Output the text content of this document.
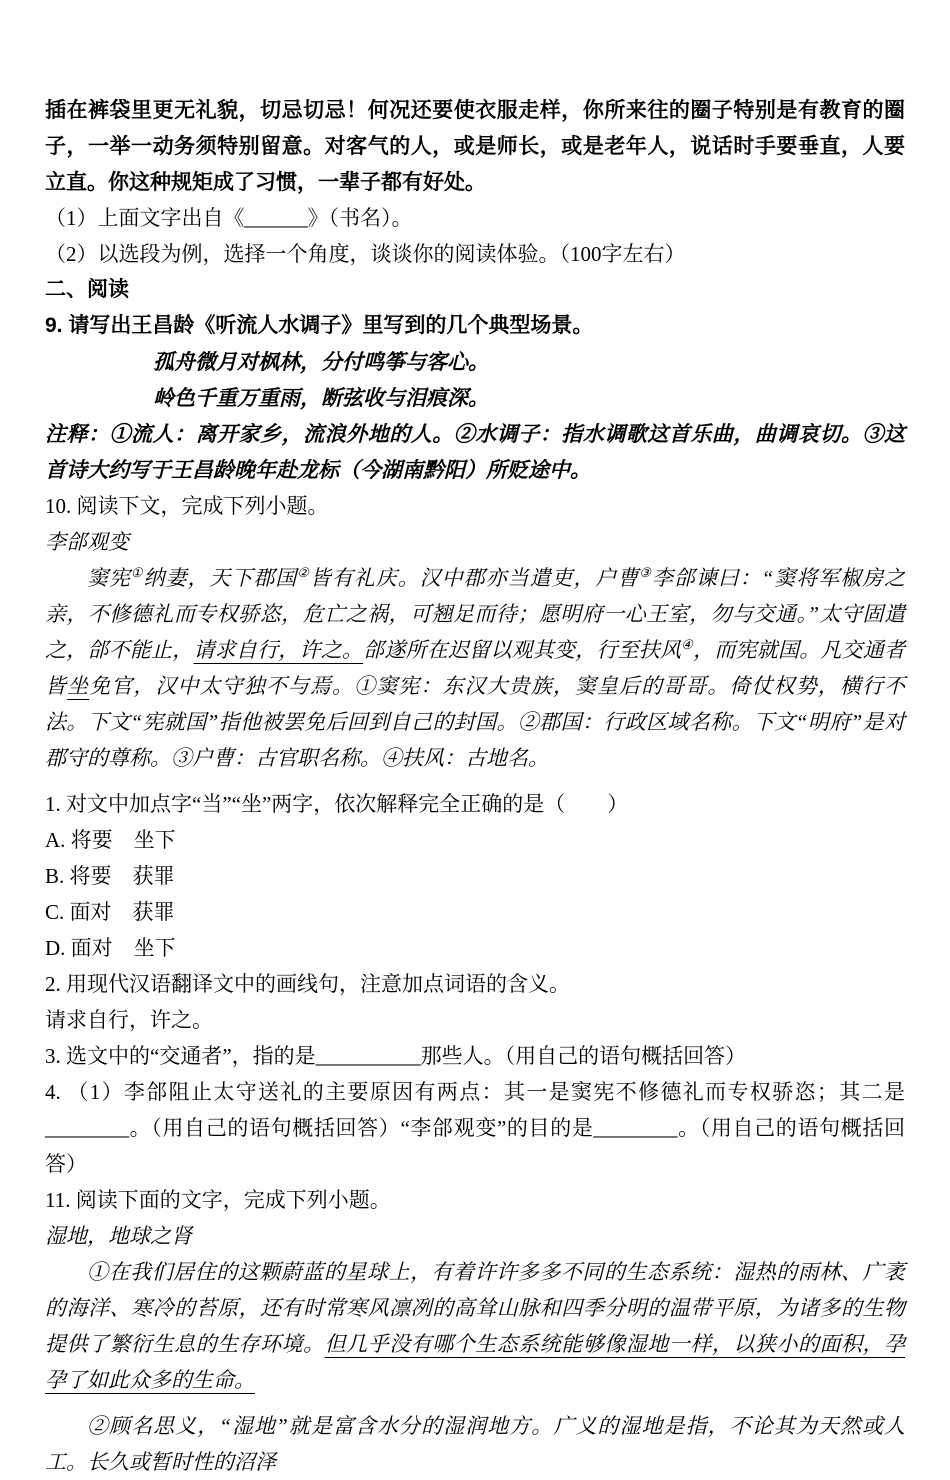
插在裤袋里更无礼貌，切忌切忌！何况还要使衣服走样，你所来往的圈子特别是有教育的圈子，一举一动务须特别留意。对客气的人，或是师长，或是老年人，说话时手要垂直，人要立直。你这种规矩成了习惯，一辈子都有好处。

（1）上面文字出自《______》（书名）。

（2）以选段为例，选择一个角度，谈谈你的阅读体验。（100字左右）

二、阅读

9. 请写出王昌龄《听流人水调子》里写到的几个典型场景。

孤舟微月对枫林，分付鸣筝与客心。

岭色千重万重雨，断弦收与泪痕深。

注释：①流人：离开家乡，流浪外地的人。②水调子：指水调歌这首乐曲，曲调哀切。③这首诗大约写于王昌龄晚年赴龙标（今湖南黔阳）所贬途中。

10. 阅读下文，完成下列小题。

李郃观变

窦宪①纳妻，天下郡国②皆有礼庆。汉中郡亦当遣吏，户曹③李郃谏曰：“窦将军椒房之亲，不修德礼而专权骄恣，危亡之祸，可翘足而待；愿明府一心王室，勿与交通。”太守固遣之，郃不能止，请求自行，许之。郃遂所在迟留以观其变，行至扶风④，而宪就国。凡交通者皆坐免官，汉中太守独不与焉。①窦宪：东汉大贵族，窦皇后的哥哥。倚仗权势，横行不法。下文“宪就国”指他被罢免后回到自己的封国。②郡国：行政区域名称。下文“明府”是对郡守的尊称。③户曹：古官职名称。④扶风：古地名。

1. 对文中加点字“当”“坐”两字，依次解释完全正确的是（　　）

A. 将要　坐下

B. 将要　获罪

C. 面对　获罪

D. 面对　坐下

2. 用现代汉语翻译文中的画线句，注意加点词语的含义。

请求自行，许之。

3. 选文中的“交通者”，指的是__________那些人。（用自己的语句概括回答）

4. （1）李郃阻止太守送礼的主要原因有两点：其一是窦宪不修德礼而专权骄恣；其二是________。（用自己的语句概括回答）“李郃观变”的目的是________。（用自己的语句概括回答）

11. 阅读下面的文字，完成下列小题。

湿地，地球之肾

①在我们居住的这颗蔚蓝的星球上，有着许许多多不同的生态系统：湿热的雨林、广袤的海洋、寒冷的苔原，还有时常寒风凛冽的高耸山脉和四季分明的温带平原，为诸多的生物提供了繁衍生息的生存环境。但几乎没有哪个生态系统能够像湿地一样，以狭小的面积，孕孕了如此众多的生命。

②顾名思义，“湿地”就是富含水分的湿润地方。广义的湿地是指，不论其为天然或人工。长久或暂时性的沼泽
